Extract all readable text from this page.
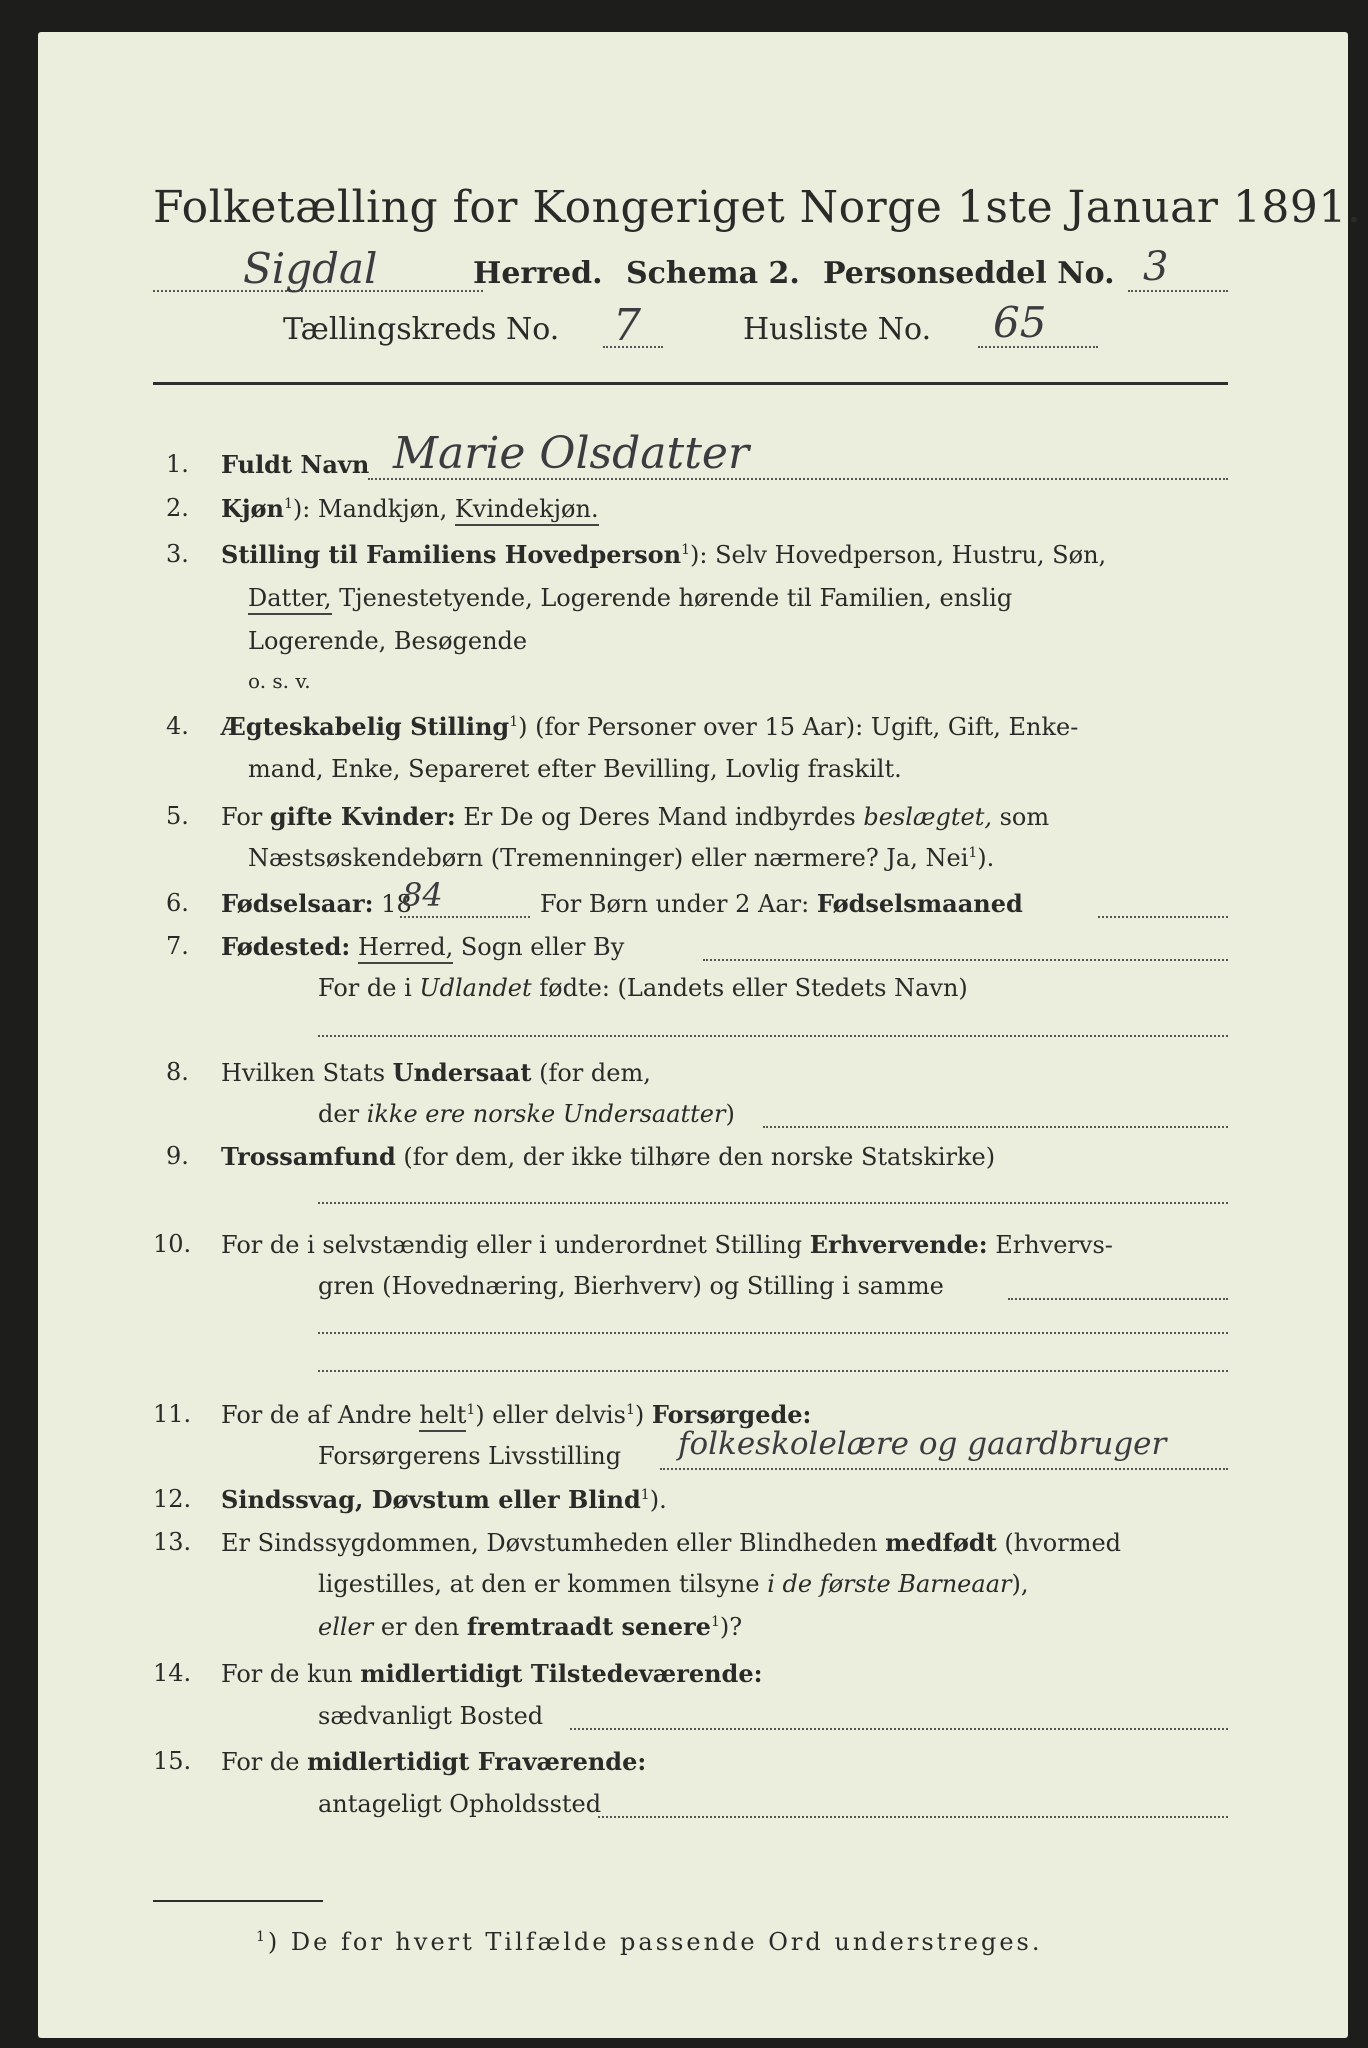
Folketælling for Kongeriget Norge 1ste Januar 1891.
Sigdal	Herred. Schema 2. Personseddel No. 3
Tællingskreds No. 7	Husliste No. 65
1. Fuldt Navn Marie Olsdatter
2. Kjøn$^1$): Mandkjøn, Kvindekjøn.
3. Stilling til Familiens Hovedperson$^1$): Selv Hovedperson, Hustru, Søn,
Datter, Tjenestetyende, Logerende hørende til Familien, enslig
Logerende, Besøgende
o. s. v.
4. Ægteskabelig Stilling$^1$) (for Personer over 15 Aar): Ugift, Gift, Enke-
mand, Enke, Separeret efter Bevilling, Lovlig fraskilt.
5. For gifte Kvinder: Er De og Deres Mand indbyrdes beslægtet, som
Næstsøskendebørn (Tremenninger) eller nærmere? Ja, Nei$^1$).
6. Fødselsaar: 18
84	For Børn under 2 Aar: Fødselsmaaned
7. Fødested: Herred, Sogn eller By
For de i Udlandet fødte: (Landets eller Stedets Navn)
8. Hvilken Stats Undersaat (for dem,
der ikke ere norske Undersaatter)
9. Trossamfund (for dem, der ikke tilhøre den norske Statskirke)
10. For de i selvstændig eller i underordnet Stilling Erhvervende: Erhvervs-
gren (Hovednæring, Bierhverv) og Stilling i samme
11. For de af Andre helt$^1$) eller delvis$^1$) Forsørgede:
Forsørgerens Livsstilling folkeskolelære og gaardbruger
12. Sindssvag, Døvstum eller Blind$^1$).
13. Er Sindssygdommen, Døvstumheden eller Blindheden medfødt (hvormed
ligestilles, at den er kommen tilsyne i de første Barneaar),
eller er den fremtraadt senere$^1$)?
14. For de kun midlertidigt Tilstedeværende:
sædvanligt Bosted
15. For de midlertidigt Fraværende:
antageligt Opholdssted
$^1$) De for hvert Tilfælde passende Ord understreges.
